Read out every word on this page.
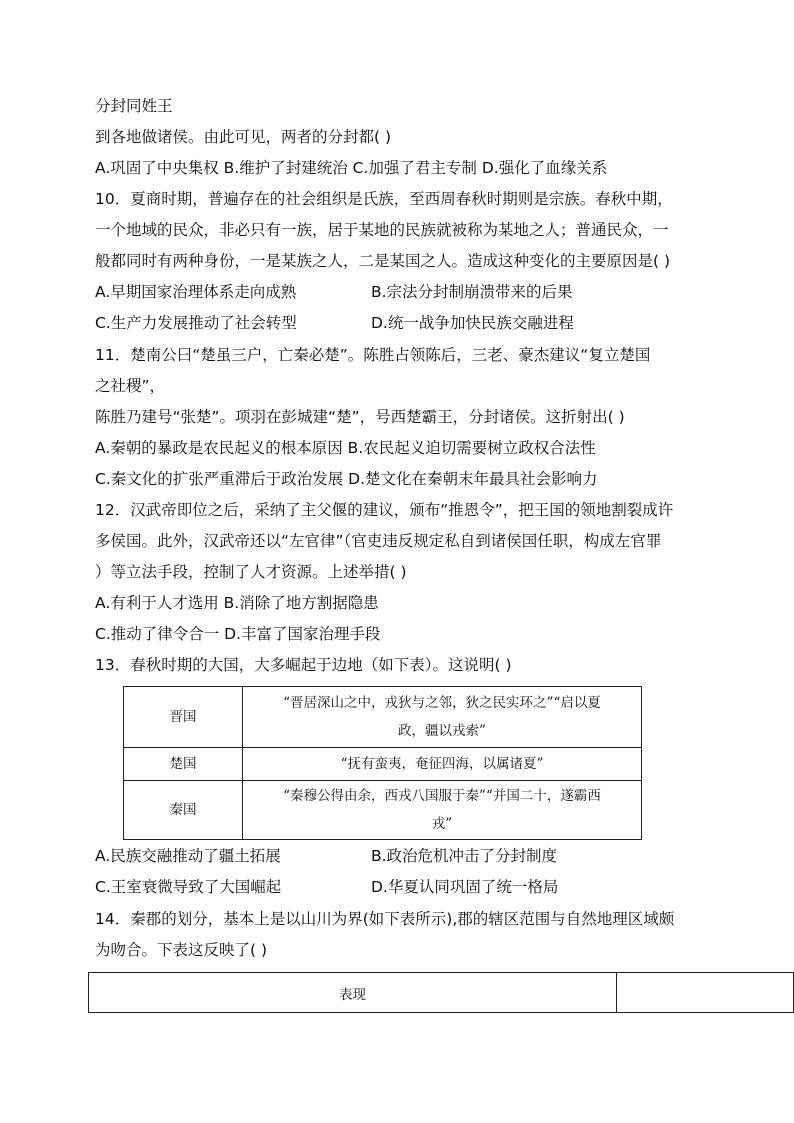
分封同姓王
到各地做诸侯。由此可见，两者的分封都( )
A.巩固了中央集权 B.维护了封建统治 C.加强了君主专制 D.强化了血缘关系
10．夏商时期，普遍存在的社会组织是氏族，至西周春秋时期则是宗族。春秋中期，
一个地域的民众，非必只有一族，居于某地的民族就被称为某地之人；普通民众，一
般都同时有两种身份，一是某族之人，二是某国之人。造成这种变化的主要原因是( )
A.早期国家治理体系走向成熟	B.宗法分封制崩溃带来的后果
C.生产力发展推动了社会转型	D.统一战争加快民族交融进程
11．楚南公曰“楚虽三户，亡秦必楚”。陈胜占领陈后，三老、豪杰建议“复立楚国
之社稷”，
陈胜乃建号“张楚”。项羽在彭城建“楚”，号西楚霸王，分封诸侯。这折射出( )
A.秦朝的暴政是农民起义的根本原因 B.农民起义迫切需要树立政权合法性
C.秦文化的扩张严重滞后于政治发展 D.楚文化在秦朝末年最具社会影响力
12．汉武帝即位之后，采纳了主父偃的建议，颁布“推恩令”，把王国的领地割裂成许
多侯国。此外，汉武帝还以“左官律”（官吏违反规定私自到诸侯国任职，构成左官罪
）等立法手段，控制了人才资源。上述举措( )
A.有利于人才选用 B.消除了地方割据隐患
C.推动了律令合一 D.丰富了国家治理手段
13．春秋时期的大国，大多崛起于边地（如下表）。这说明( )
晋国	“晋居深山之中，戎狄与之邻，狄之民实环之”“启以夏
政，疆以戎索”

楚国	“抚有蛮夷，奄征四海，以属诸夏”
秦国	“秦穆公得由余，西戎八国服于秦”“并国二十，遂霸西
戎”
A.民族交融推动了疆土拓展	B.政治危机冲击了分封制度
C.王室衰微导致了大国崛起	D.华夏认同巩固了统一格局
14．秦郡的划分，基本上是以山川为界(如下表所示),郡的辖区范围与自然地理区域颇
为吻合。下表这反映了( )
表现	
